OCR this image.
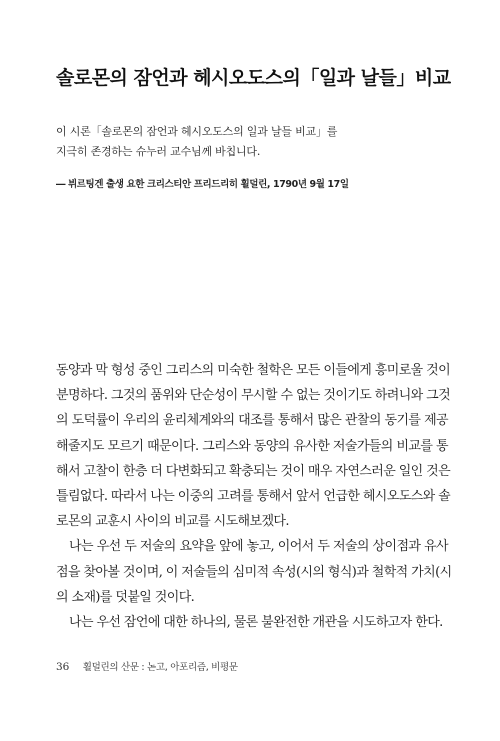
솔로몬의 잠언과 헤시오도스의「일과 날들」비교
이 시론「솔로몬의 잠언과 헤시오도스의 일과 날들 비교」를
지극히 존경하는 슈누러 교수님께 바칩니다.
― 뷔르팅겐 출생 요한 크리스티안 프리드리히 횔덜린, 1790년 9월 17일
동양과 막 형성 중인 그리스의 미숙한 철학은 모든 이들에게 흥미로울 것이
분명하다. 그것의 품위와 단순성이 무시할 수 없는 것이기도 하려니와 그것
의 도덕률이 우리의 윤리체계와의 대조를 통해서 많은 관찰의 동기를 제공
해줄지도 모르기 때문이다. 그리스와 동양의 유사한 저술가들의 비교를 통
해서 고찰이 한층 더 다변화되고 확충되는 것이 매우 자연스러운 일인 것은
틀림없다. 따라서 나는 이중의 고려를 통해서 앞서 언급한 헤시오도스와 솔
로몬의 교훈시 사이의 비교를 시도해보겠다.
나는 우선 두 저술의 요약을 앞에 놓고, 이어서 두 저술의 상이점과 유사
점을 찾아볼 것이며, 이 저술들의 심미적 속성(시의 형식)과 철학적 가치(시
의 소재)를 덧붙일 것이다.
나는 우선 잠언에 대한 하나의, 물론 불완전한 개관을 시도하고자 한다.
36 횔덜린의 산문 : 논고, 아포리즘, 비평문
